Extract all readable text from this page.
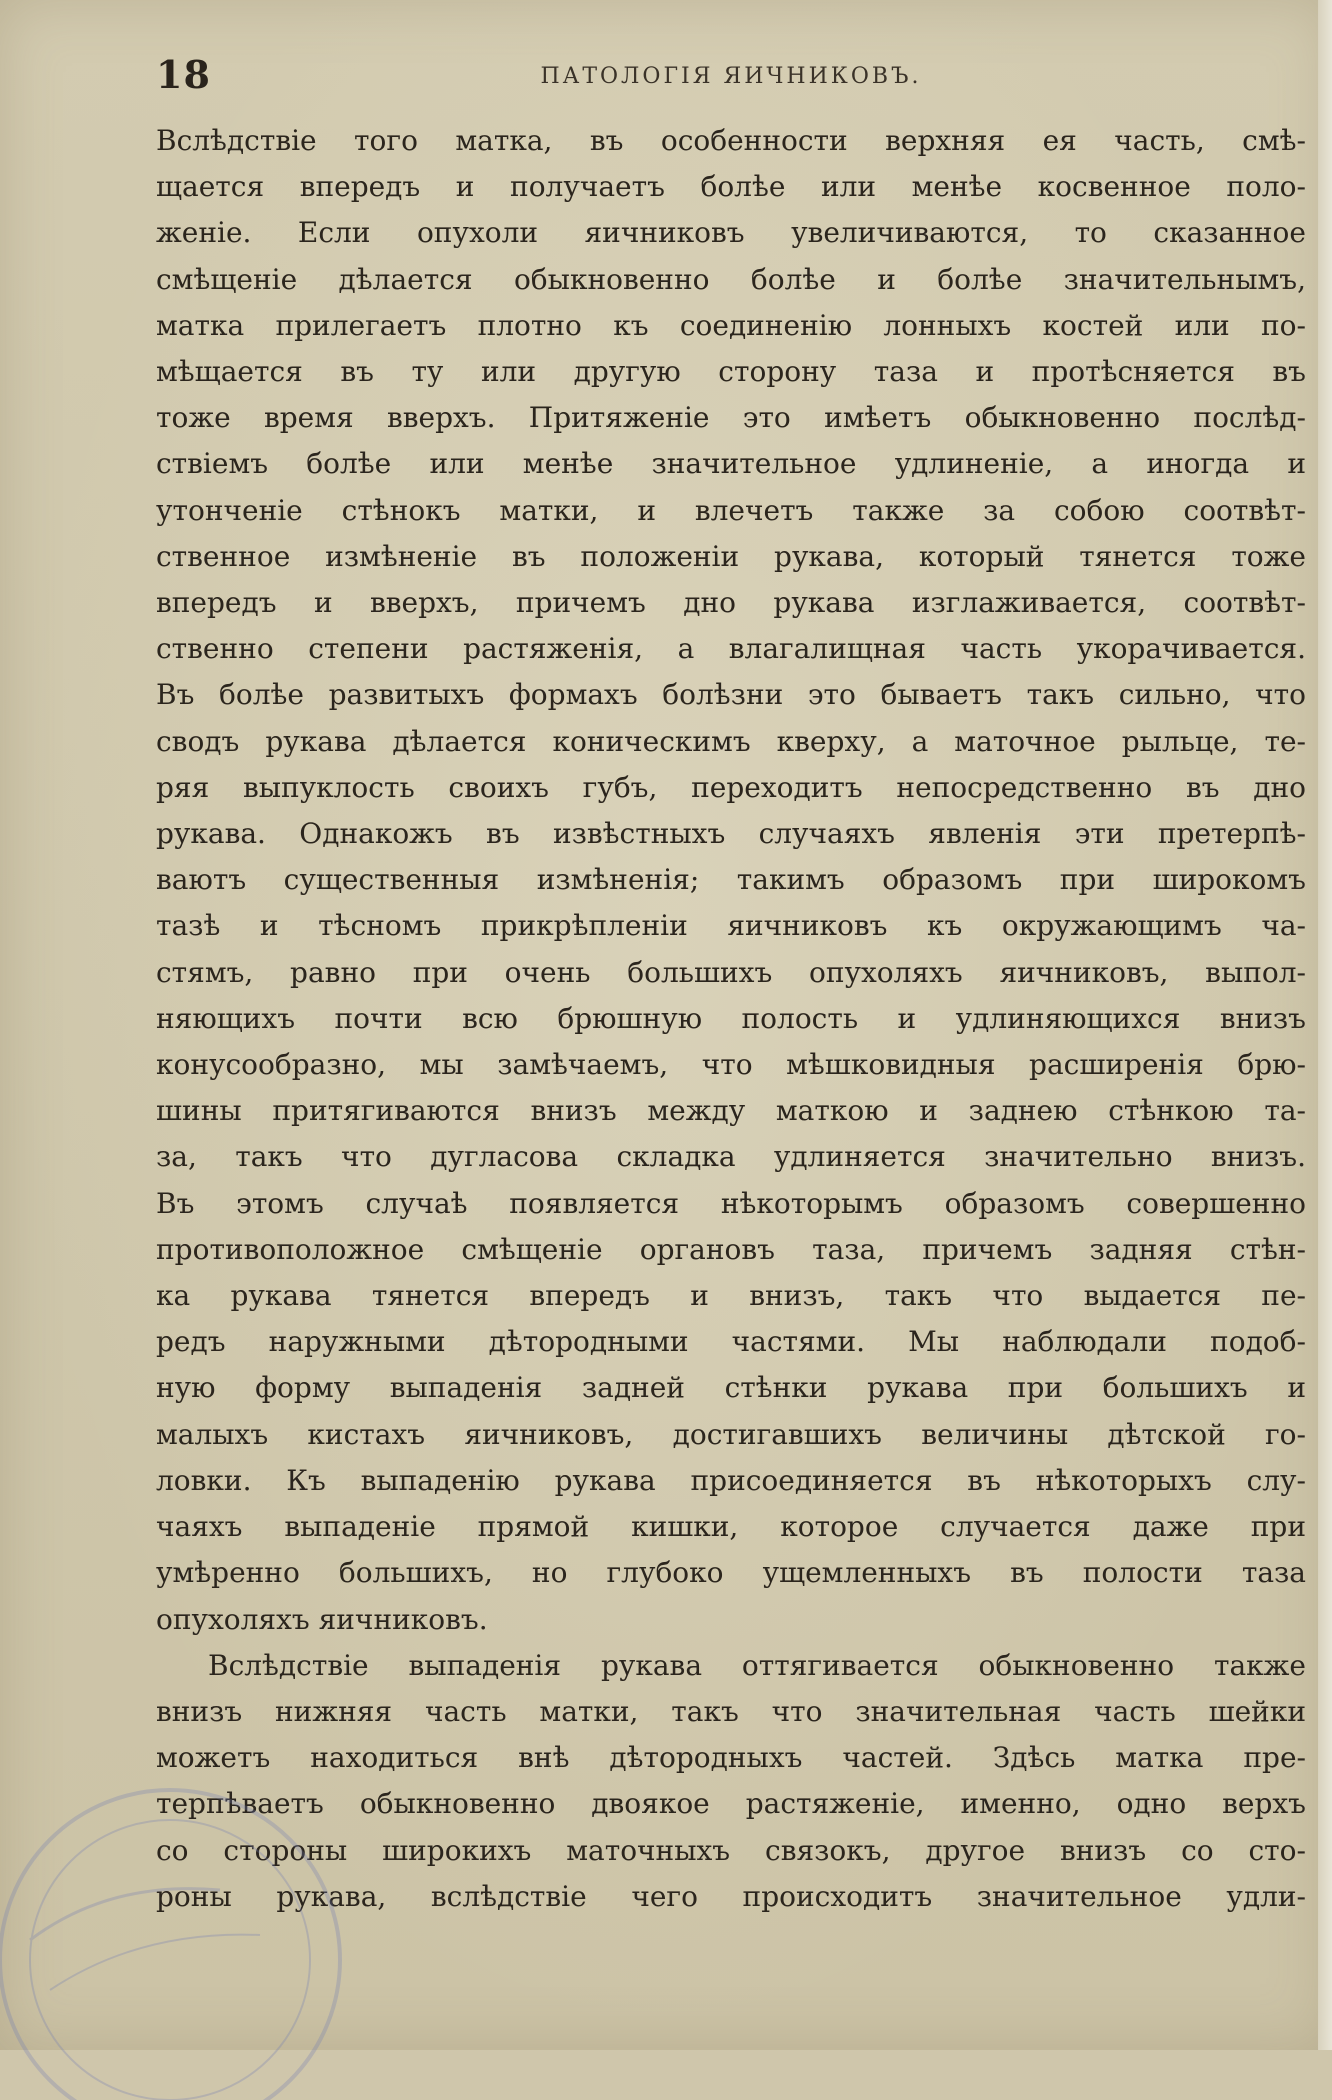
18	ПАТОЛОГІЯ ЯИЧНИКОВЪ.
Вслѣдствіе того матка, въ особенности верхняя ея часть, смѣ-
щается впередъ и получаетъ болѣе или менѣе косвенное поло-
женіе. Если опухоли яичниковъ увеличиваются, то сказанное
смѣщеніе дѣлается обыкновенно болѣе и болѣе значительнымъ,
матка прилегаетъ плотно къ соединенію лонныхъ костей или по-
мѣщается въ ту или другую сторону таза и протѣсняется въ
тоже время вверхъ. Притяженіе это имѣетъ обыкновенно послѣд-
ствіемъ болѣе или менѣе значительное удлиненіе, а иногда и
утонченіе стѣнокъ матки, и влечетъ также за собою соотвѣт-
ственное измѣненіе въ положеніи рукава, который тянется тоже
впередъ и вверхъ, причемъ дно рукава изглаживается, соотвѣт-
ственно степени растяженія, а влагалищная часть укорачивается.
Въ болѣе развитыхъ формахъ болѣзни это бываетъ такъ сильно, что
сводъ рукава дѣлается коническимъ кверху, а маточное рыльце, те-
ряя выпуклость своихъ губъ, переходитъ непосредственно въ дно
рукава. Однакожъ въ извѣстныхъ случаяхъ явленія эти претерпѣ-
ваютъ существенныя измѣненія; такимъ образомъ при широкомъ
тазѣ и тѣсномъ прикрѣпленіи яичниковъ къ окружающимъ ча-
стямъ, равно при очень большихъ опухоляхъ яичниковъ, выпол-
няющихъ почти всю брюшную полость и удлиняющихся внизъ
конусообразно, мы замѣчаемъ, что мѣшковидныя расширенія брю-
шины притягиваются внизъ между маткою и заднею стѣнкою та-
за, такъ что дугласова складка удлиняется значительно внизъ.
Въ этомъ случаѣ появляется нѣкоторымъ образомъ совершенно
противоположное смѣщеніе органовъ таза, причемъ задняя стѣн-
ка рукава тянется впередъ и внизъ, такъ что выдается пе-
редъ наружными дѣтородными частями. Мы наблюдали подоб-
ную форму выпаденія задней стѣнки рукава при большихъ и
малыхъ кистахъ яичниковъ, достигавшихъ величины дѣтской го-
ловки. Къ выпаденію рукава присоединяется въ нѣкоторыхъ слу-
чаяхъ выпаденіе прямой кишки, которое случается даже при
умѣренно большихъ, но глубоко ущемленныхъ въ полости таза
опухоляхъ яичниковъ.
Вслѣдствіе выпаденія рукава оттягивается обыкновенно также
внизъ нижняя часть матки, такъ что значительная часть шейки
можетъ находиться внѣ дѣтородныхъ частей. Здѣсь матка пре-
терпѣваетъ обыкновенно двоякое растяженіе, именно, одно верхъ
со стороны широкихъ маточныхъ связокъ, другое внизъ со сто-
роны рукава, вслѣдствіе чего происходитъ значительное удли-
